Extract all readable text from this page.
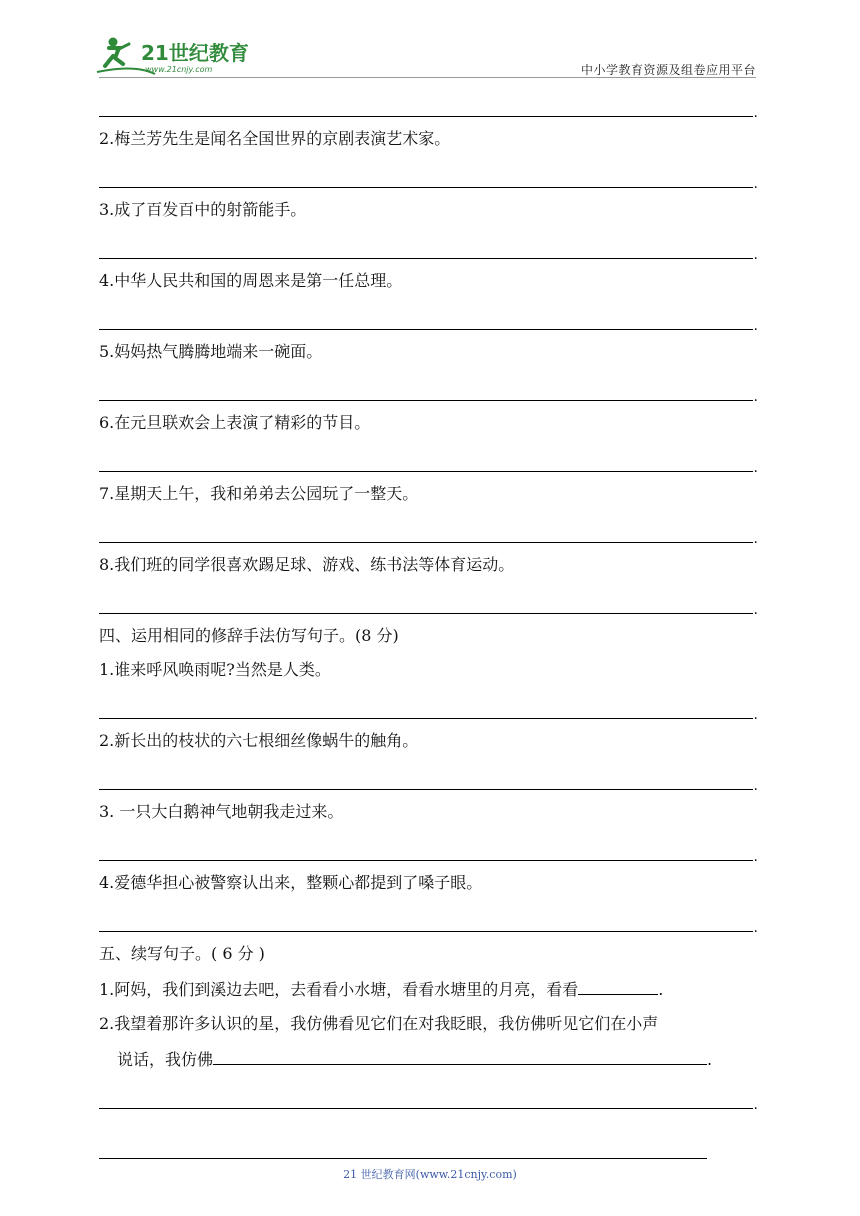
21世纪教育
www.21cnjy.com	中小学教育资源及组卷应用平台
.
2.梅兰芳先生是闻名全国世界的京剧表演艺术家。
.
3.成了百发百中的射箭能手。
.
4.中华人民共和国的周恩来是第一任总理。
.
5.妈妈热气腾腾地端来一碗面。
.
6.在元旦联欢会上表演了精彩的节目。
.
7.星期天上午，我和弟弟去公园玩了一整天。
.
8.我们班的同学很喜欢踢足球、游戏、练书法等体育运动。
.
四、运用相同的修辞手法仿写句子。(8 分)
1.谁来呼风唤雨呢?当然是人类。
.
2.新长出的枝状的六七根细丝像蜗牛的触角。
.
3. 一只大白鹅神气地朝我走过来。
.
4.爱德华担心被警察认出来，整颗心都提到了嗓子眼。
.
五、续写句子。( 6 分 )
1.阿妈，我们到溪边去吧，去看看小水塘，看看水塘里的月亮，看看	.
2.我望着那许多认识的星，我仿佛看见它们在对我眨眼，我仿佛听见它们在小声
说话，我仿佛	.
.
21 世纪教育网(www.21cnjy.com)
